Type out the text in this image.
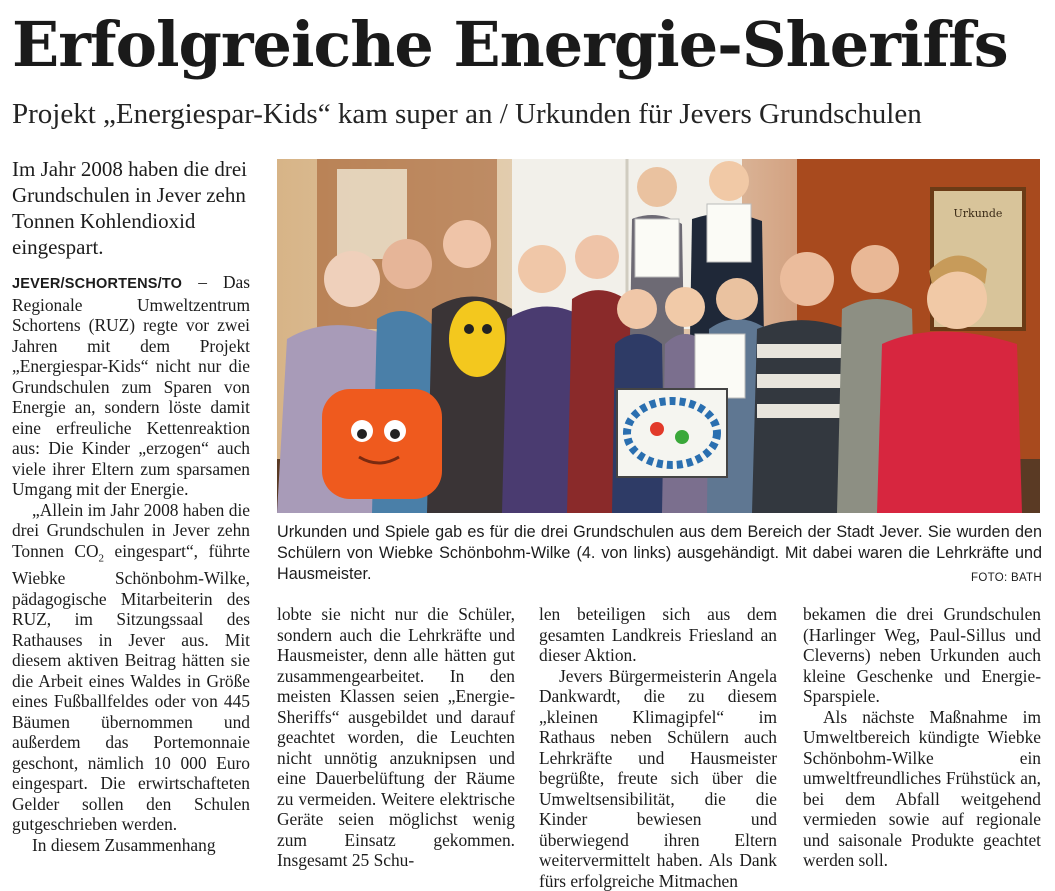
Erfolgreiche Energie-Sheriffs
Projekt „Energiespar-Kids“ kam super an / Urkunden für Jevers Grundschulen
Im Jahr 2008 haben die drei Grundschulen in Jever zehn Tonnen Kohlendioxid eingespart.

JEVER/SCHORTENS/TO – Das Regionale Umweltzentrum Schortens (RUZ) regte vor zwei Jahren mit dem Projekt „Energiespar-Kids“ nicht nur die Grundschulen zum Sparen von Energie an, sondern löste damit eine erfreuliche Kettenreaktion aus: Die Kinder „erzogen“ auch viele ihrer Eltern zum sparsamen Umgang mit der Energie.

„Allein im Jahr 2008 haben die drei Grundschulen in Jever zehn Tonnen $CO_2$ eingespart“, führte Wiebke Schönbohm-Wilke, pädagogische Mitarbeiterin des RUZ, im Sitzungssaal des Rathauses in Jever aus. Mit diesem aktiven Beitrag hätten sie die Arbeit eines Waldes in Größe eines Fußballfeldes oder von 445 Bäumen übernommen und außerdem das Portemonnaie geschont, nämlich 10 000 Euro eingespart. Die erwirtschafteten Gelder sollen den Schulen gutgeschrieben werden.

In diesem Zusammenhang

Urkunde
Urkunden und Spiele gab es für die drei Grundschulen aus dem Bereich der Stadt Jever. Sie wurden den Schülern von Wiebke Schönbohm-Wilke (4. von links) ausgehändigt. Mit dabei waren die Lehrkräfte und Hausmeister.	FOTO: BATH

lobte sie nicht nur die Schüler, sondern auch die Lehrkräfte und Hausmeister, denn alle hätten gut zusammengearbeitet. In den meisten Klassen seien „Energie-Sheriffs“ ausgebildet und darauf geachtet worden, die Leuchten nicht unnötig anzuknipsen und eine Dauerbelüftung der Räume zu vermeiden. Weitere elektrische Geräte seien möglichst wenig zum Einsatz gekommen. Insgesamt 25 Schu-

len beteiligen sich aus dem gesamten Landkreis Friesland an dieser Aktion.

Jevers Bürgermeisterin Angela Dankwardt, die zu diesem „kleinen Klimagipfel“ im Rathaus neben Schülern auch Lehrkräfte und Hausmeister begrüßte, freute sich über die Umweltsensibilität, die die Kinder bewiesen und überwiegend ihren Eltern weitervermittelt haben. Als Dank fürs erfolgreiche Mitmachen

bekamen die drei Grundschulen (Harlinger Weg, Paul-Sillus und Cleverns) neben Urkunden auch kleine Geschenke und Energie-Sparspiele.

Als nächste Maßnahme im Umweltbereich kündigte Wiebke Schönbohm-Wilke ein umweltfreundliches Frühstück an, bei dem Abfall weitgehend vermieden sowie auf regionale und saisonale Produkte geachtet werden soll.
